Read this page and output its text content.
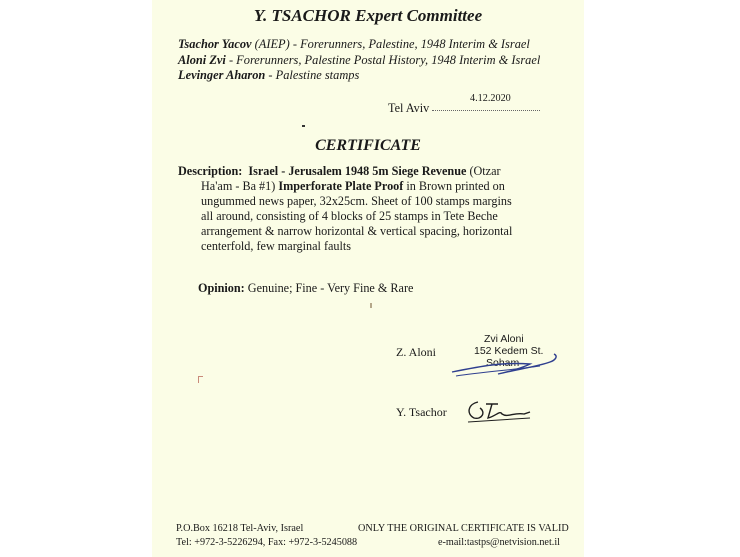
Y. TSACHOR Expert Committee
Tsachor Yacov (AIEP) - Forerunners, Palestine, 1948 Interim & Israel
Aloni Zvi - Forerunners, Palestine Postal History, 1948 Interim & Israel
Levinger Aharon - Palestine stamps
4.12.2020
Tel Aviv
CERTIFICATE
Description: Israel - Jerusalem 1948 5m Siege Revenue (Otzar
Ha'am - Ba #1) Imperforate Plate Proof in Brown printed on
ungummed news paper, 32x25cm. Sheet of 100 stamps margins
all around, consisting of 4 blocks of 25 stamps in Tete Beche
arrangement & narrow horizontal & vertical spacing, horizontal
centerfold, few marginal faults
Opinion: Genuine; Fine - Very Fine & Rare
Z. Aloni
Zvi Aloni
152 Kedem St.
Soham
Y. Tsachor
P.O.Box 16218 Tel-Aviv, Israel
Tel: +972-3-5226294, Fax: +972-3-5245088
ONLY THE ORIGINAL CERTIFICATE IS VALID
e-mail:tastps@netvision.net.il
